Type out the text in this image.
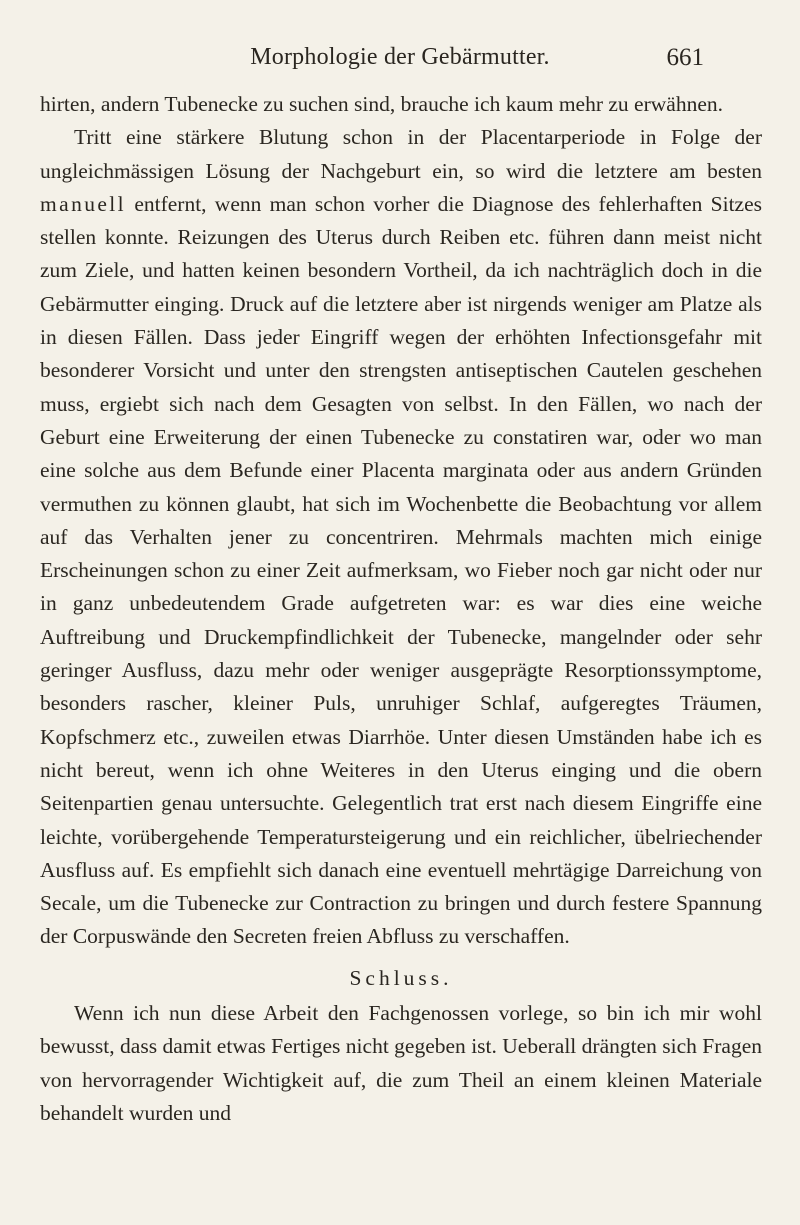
Morphologie der Gebärmutter.	661

hirten, andern Tubenecke zu suchen sind, brauche ich kaum mehr zu erwähnen.

Tritt eine stärkere Blutung schon in der Placentarperiode in Folge der ungleichmässigen Lösung der Nachgeburt ein, so wird die letztere am besten manuell entfernt, wenn man schon vorher die Diagnose des fehlerhaften Sitzes stellen konnte. Reizungen des Uterus durch Reiben etc. führen dann meist nicht zum Ziele, und hatten keinen besondern Vortheil, da ich nachträglich doch in die Gebärmutter einging. Druck auf die letztere aber ist nirgends weniger am Platze als in diesen Fällen. Dass jeder Eingriff wegen der erhöhten Infectionsgefahr mit besonderer Vorsicht und unter den strengsten antiseptischen Cautelen geschehen muss, ergiebt sich nach dem Gesagten von selbst. In den Fällen, wo nach der Geburt eine Erweiterung der einen Tubenecke zu constatiren war, oder wo man eine solche aus dem Befunde einer Placenta marginata oder aus andern Gründen vermuthen zu können glaubt, hat sich im Wochenbette die Beobachtung vor allem auf das Verhalten jener zu concentriren. Mehrmals machten mich einige Erscheinungen schon zu einer Zeit aufmerksam, wo Fieber noch gar nicht oder nur in ganz unbedeutendem Grade aufgetreten war: es war dies eine weiche Auftreibung und Druckempfindlichkeit der Tubenecke, mangelnder oder sehr geringer Ausfluss, dazu mehr oder weniger ausgeprägte Resorptionssymptome, besonders rascher, kleiner Puls, unruhiger Schlaf, aufgeregtes Träumen, Kopfschmerz etc., zuweilen etwas Diarrhöe. Unter diesen Umständen habe ich es nicht bereut, wenn ich ohne Weiteres in den Uterus einging und die obern Seitenpartien genau untersuchte. Gelegentlich trat erst nach diesem Eingriffe eine leichte, vorübergehende Temperatursteigerung und ein reichlicher, übelriechender Ausfluss auf. Es empfiehlt sich danach eine eventuell mehrtägige Darreichung von Secale, um die Tubenecke zur Contraction zu bringen und durch festere Spannung der Corpuswände den Secreten freien Abfluss zu verschaffen.

Schluss.

Wenn ich nun diese Arbeit den Fachgenossen vorlege, so bin ich mir wohl bewusst, dass damit etwas Fertiges nicht gegeben ist. Ueberall drängten sich Fragen von hervorragender Wichtigkeit auf, die zum Theil an einem kleinen Materiale behandelt wurden und
